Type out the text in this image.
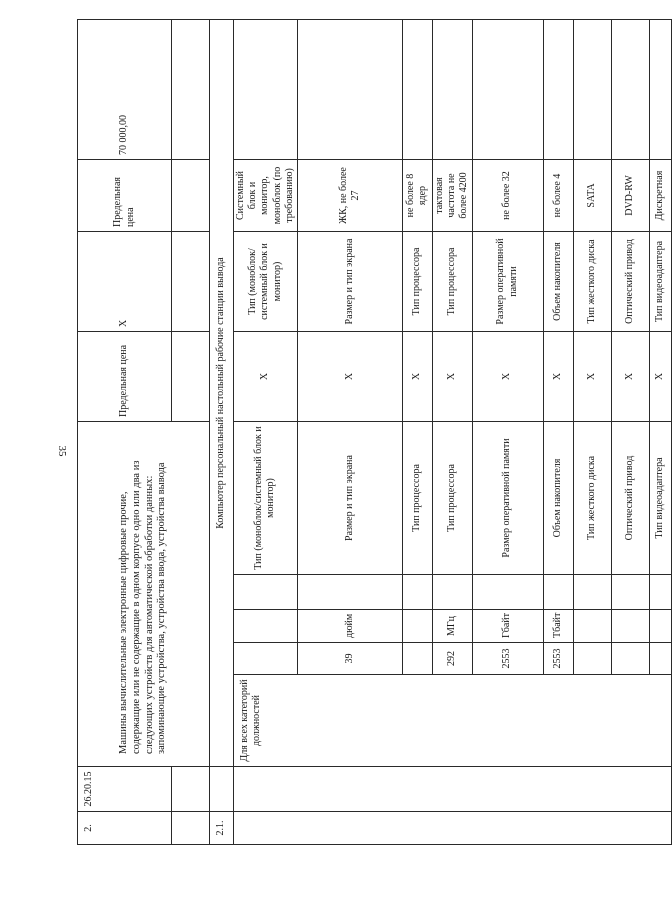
35
2.	26.20.15	Машины вычислительные электронные цифровые прочие, содержащие или не содержащие в одном корпусе одно или два из следующих устройств для автоматической обработки данных: запоминающие устройства, устройства ввода, устройства вывода					Предельная цена	X	Предельная цена	70 000,00

2.1.		Компьютер персональный настольный рабочие станции вывода								
		Для всех категорий должностей				Тип (моноблок/системный блок и монитор)	X	Тип (моноблок/системный блок и монитор)	Системный блок и монитор, моноблок (по требованию)	
			39	дюйм		Размер и тип экрана	X	Размер и тип экрана	ЖК, не более 27	
						Тип процессора	X	Тип процессора	не более 8 ядер	
			292	МГц		Тип процессора	X	Тип процессора	тактовая частота не более 4200	
			2553	Гбайт		Размер оперативной памяти	X	Размер оперативной памяти	не более 32	
			2553	Тбайт		Объем накопителя	X	Объем накопителя	не более 4	
						Тип жесткого диска	X	Тип жесткого диска	SATA	
						Оптический привод	X	Оптический привод	DVD-RW	
						Тип видеоадаптера	X	Тип видеоадаптера	Дискретная	
